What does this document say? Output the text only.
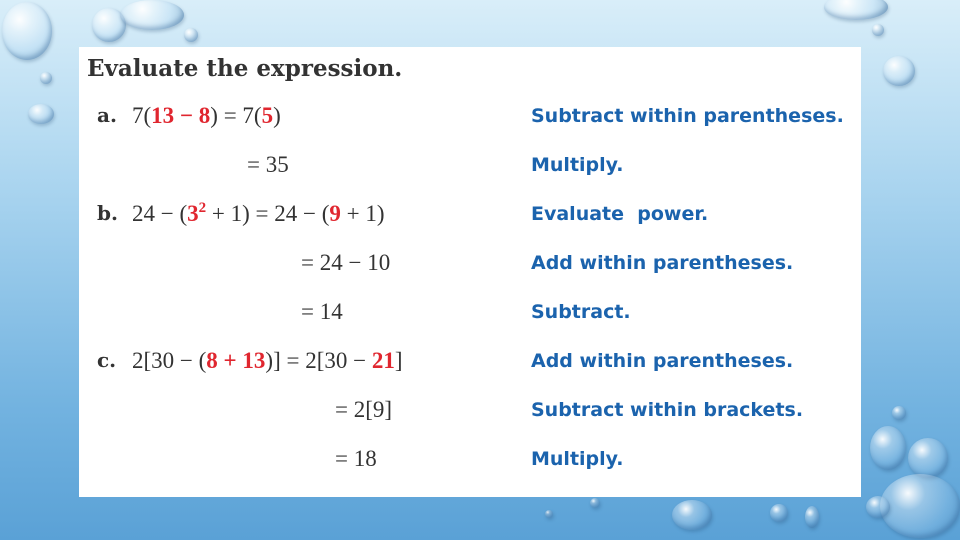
Evaluate the expression.
a. 7(13 − 8) = 7(5)	Subtract within parentheses.
= 35	Multiply.
b. $24 - (3^2 + 1) = 24 - (9 + 1)$	Evaluate  power.
= 24 − 10	Add within parentheses.
= 14	Subtract.
c. 2[30 − (8 + 13)] = 2[30 − 21]	Add within parentheses.
= 2[9]	Subtract within brackets.
= 18	Multiply.
